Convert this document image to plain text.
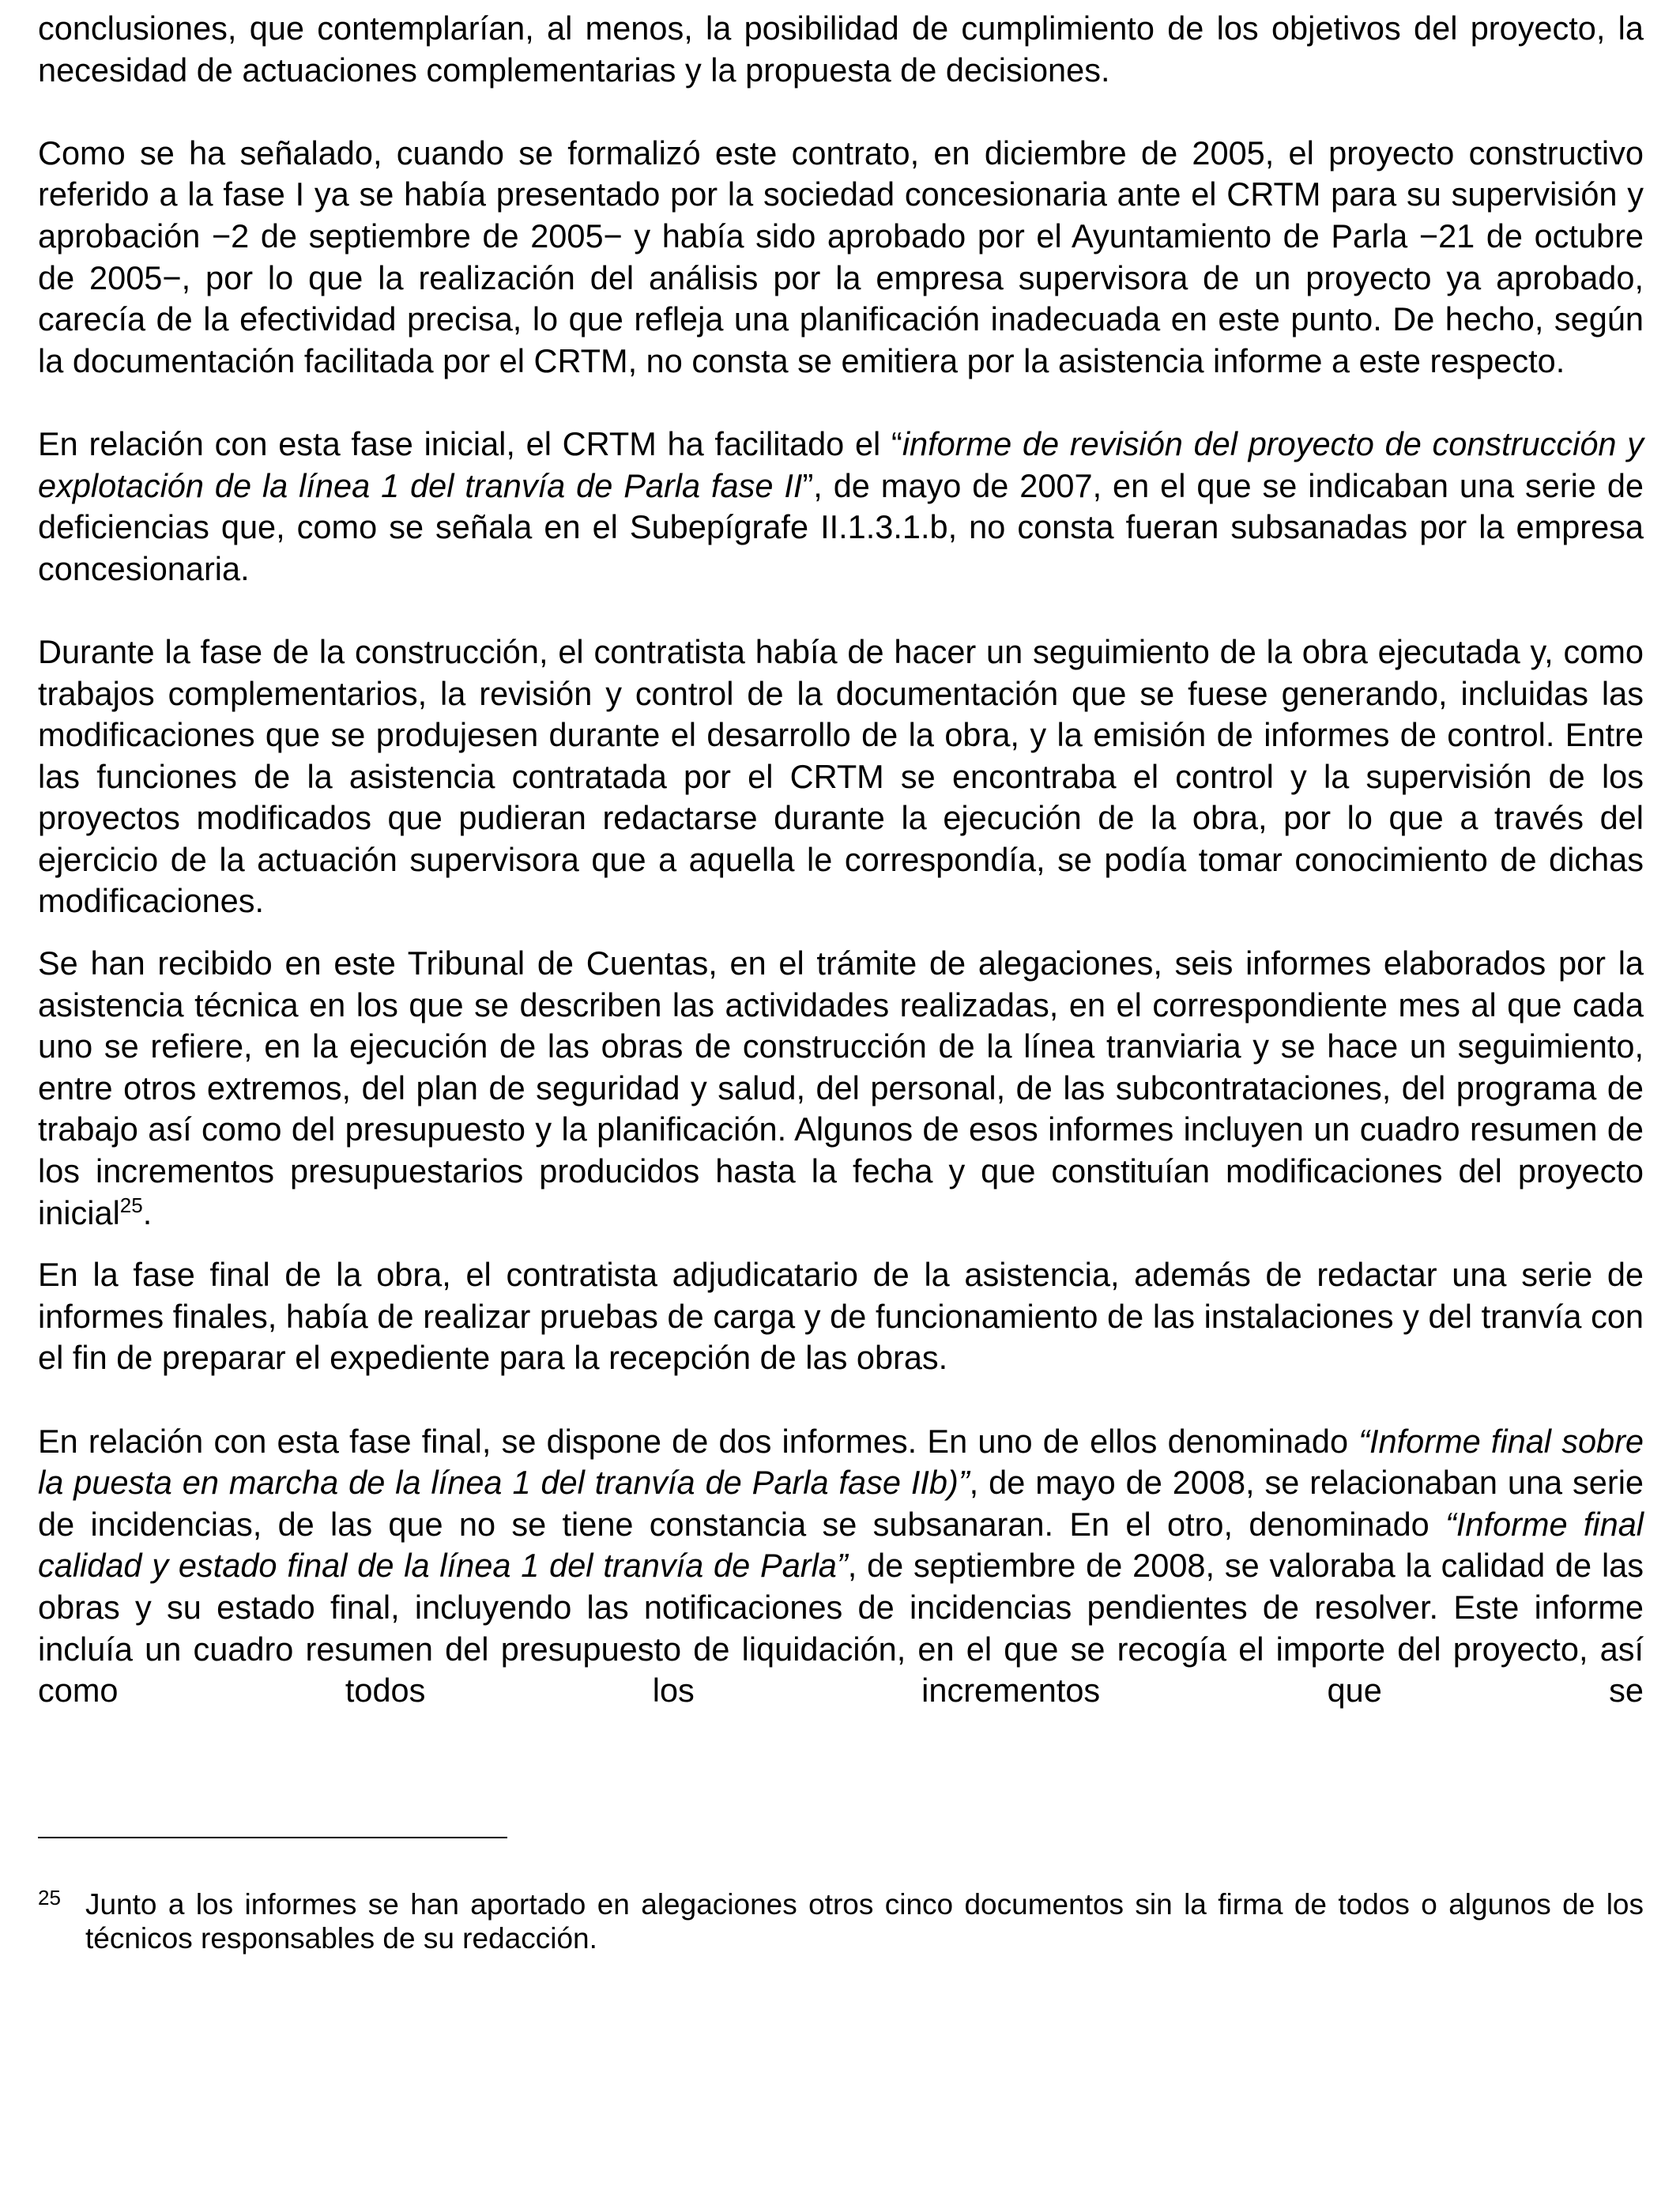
conclusiones, que contemplarían, al menos, la posibilidad de cumplimiento de los objetivos del proyecto, la necesidad de actuaciones complementarias y la propuesta de decisiones.

Como se ha señalado, cuando se formalizó este contrato, en diciembre de 2005, el proyecto constructivo referido a la fase I ya se había presentado por la sociedad concesionaria ante el CRTM para su supervisión y aprobación −2 de septiembre de 2005− y había sido aprobado por el Ayuntamiento de Parla −21 de octubre de 2005−, por lo que la realización del análisis por la empresa supervisora de un proyecto ya aprobado, carecía de la efectividad precisa, lo que refleja una planificación inadecuada en este punto. De hecho, según la documentación facilitada por el CRTM, no consta se emitiera por la asistencia informe a este respecto.

En relación con esta fase inicial, el CRTM ha facilitado el “informe de revisión del proyecto de construcción y explotación de la línea 1 del tranvía de Parla fase II”, de mayo de 2007, en el que se indicaban una serie de deficiencias que, como se señala en el Subepígrafe II.1.3.1.b, no consta fueran subsanadas por la empresa concesionaria.

Durante la fase de la construcción, el contratista había de hacer un seguimiento de la obra ejecutada y, como trabajos complementarios, la revisión y control de la documentación que se fuese generando, incluidas las modificaciones que se produjesen durante el desarrollo de la obra, y la emisión de informes de control. Entre las funciones de la asistencia contratada por el CRTM se encontraba el control y la supervisión de los proyectos modificados que pudieran redactarse durante la ejecución de la obra, por lo que a través del ejercicio de la actuación supervisora que a aquella le correspondía, se podía tomar conocimiento de dichas modificaciones.

Se han recibido en este Tribunal de Cuentas, en el trámite de alegaciones, seis informes elaborados por la asistencia técnica en los que se describen las actividades realizadas, en el correspondiente mes al que cada uno se refiere, en la ejecución de las obras de construcción de la línea tranviaria y se hace un seguimiento, entre otros extremos, del plan de seguridad y salud, del personal, de las subcontrataciones, del programa de trabajo así como del presupuesto y la planificación. Algunos de esos informes incluyen un cuadro resumen de los incrementos presupuestarios producidos hasta la fecha y que constituían modificaciones del proyecto inicial$^{25}$.

En la fase final de la obra, el contratista adjudicatario de la asistencia, además de redactar una serie de informes finales, había de realizar pruebas de carga y de funcionamiento de las instalaciones y del tranvía con el fin de preparar el expediente para la recepción de las obras.

En relación con esta fase final, se dispone de dos informes. En uno de ellos denominado “Informe final sobre la puesta en marcha de la línea 1 del tranvía de Parla fase IIb)”, de mayo de 2008, se relacionaban una serie de incidencias, de las que no se tiene constancia se subsanaran. En el otro, denominado “Informe final calidad y estado final de la línea 1 del tranvía de Parla”, de septiembre de 2008, se valoraba la calidad de las obras y su estado final, incluyendo las notificaciones de incidencias pendientes de resolver. Este informe incluía un cuadro resumen del presupuesto de liquidación, en el que se recogía el importe del proyecto, así como todos los incrementos que se

25 Junto a los informes se han aportado en alegaciones otros cinco documentos sin la firma de todos o algunos de los técnicos responsables de su redacción.
